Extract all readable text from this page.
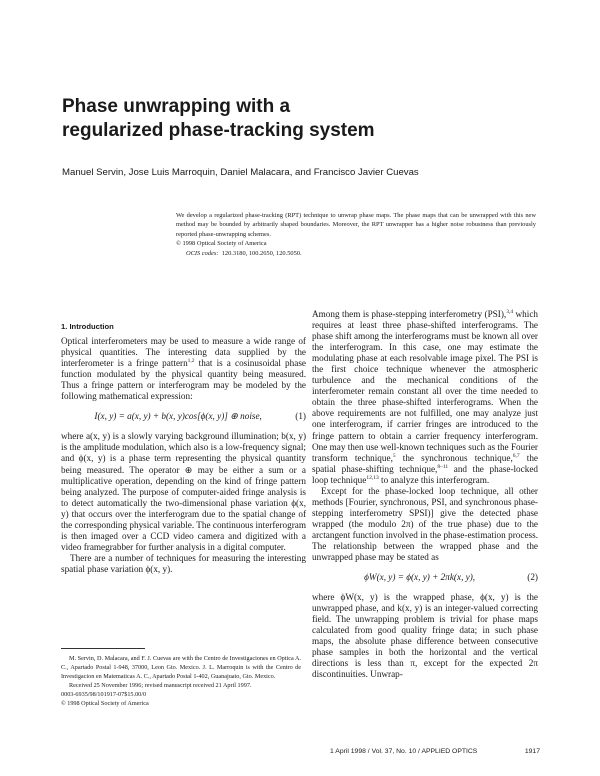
Phase unwrapping with a
regularized phase-tracking system
Manuel Servin, Jose Luis Marroquin, Daniel Malacara, and Francisco Javier Cuevas
We develop a regularized phase-tracking (RPT) technique to unwrap phase maps. The phase maps that can be unwrapped with this new method may be bounded by arbitrarily shaped boundaries. Moreover, the RPT unwrapper has a higher noise robustness than previously reported phase-unwrapping schemes.
© 1998 Optical Society of America
OCIS codes: 120.3180, 100.2650, 120.5050.
1. Introduction

Optical interferometers may be used to measure a wide range of physical quantities. The interesting data supplied by the interferometer is a fringe pattern$^{1,2}$ that is a cosinusoidal phase function modulated by the physical quantity being measured. Thus a fringe pattern or interferogram may be modeled by the following mathematical expression:

I(x, y) = a(x, y) + b(x, y)cos[ϕ(x, y)] ⊕ noise,	(1)

where a(x, y) is a slowly varying background illumination; b(x, y) is the amplitude modulation, which also is a low-frequency signal; and ϕ(x, y) is a phase term representing the physical quantity being measured. The operator ⊕ may be either a sum or a multiplicative operation, depending on the kind of fringe pattern being analyzed. The purpose of computer-aided fringe analysis is to detect automatically the two-dimensional phase variation ϕ(x, y) that occurs over the interferogram due to the spatial change of the corresponding physical variable. The continuous interferogram is then imaged over a CCD video camera and digitized with a video framegrabber for further analysis in a digital computer.

There are a number of techniques for measuring the interesting spatial phase variation ϕ(x, y).

Among them is phase-stepping interferometry (PSI),$^{3,4}$ which requires at least three phase-shifted interferograms. The phase shift among the interferograms must be known all over the interferogram. In this case, one may estimate the modulating phase at each resolvable image pixel. The PSI is the first choice technique whenever the atmospheric turbulence and the mechanical conditions of the interferometer remain constant all over the time needed to obtain the three phase-shifted interferograms. When the above requirements are not fulfilled, one may analyze just one interferogram, if carrier fringes are introduced to the fringe pattern to obtain a carrier frequency interferogram. One may then use well-known techniques such as the Fourier transform technique,$^5$ the synchronous technique,$^{6,7}$ the spatial phase-shifting technique,$^{8-11}$ and the phase-locked loop technique$^{12,13}$ to analyze this interferogram.

Except for the phase-locked loop technique, all other methods [Fourier, synchronous, PSI, and synchronous phase-stepping interferometry SPSI)] give the detected phase wrapped (the modulo 2π) of the true phase) due to the arctangent function involved in the phase-estimation process. The relationship between the wrapped phase and the unwrapped phase may be stated as

ϕW(x, y) = ϕ(x, y) + 2πk(x, y),	(2)

where ϕW(x, y) is the wrapped phase, ϕ(x, y) is the unwrapped phase, and k(x, y) is an integer-valued correcting field. The unwrapping problem is trivial for phase maps calculated from good quality fringe data; in such phase maps, the absolute phase difference between consecutive phase samples in both the horizontal and the vertical directions is less than π, except for the expected 2π discontinuities. Unwrap-

M. Servin, D. Malacara, and F. J. Cuevas are with the Centro de Investigaciones en Optica A. C., Apartado Postal 1-948, 37000, Leon Gto. Mexico. J. L. Marroquin is with the Centro de Investigacion en Matematicas A. C., Apartado Postal 1-402, Guanajuato, Gto. Mexico.

Received 25 November 1996; revised manuscript received 21 April 1997.

0003-6935/98/101917-07$15.00/0

© 1998 Optical Society of America

1 April 1998 / Vol. 37, No. 10 / APPLIED OPTICS	1917
